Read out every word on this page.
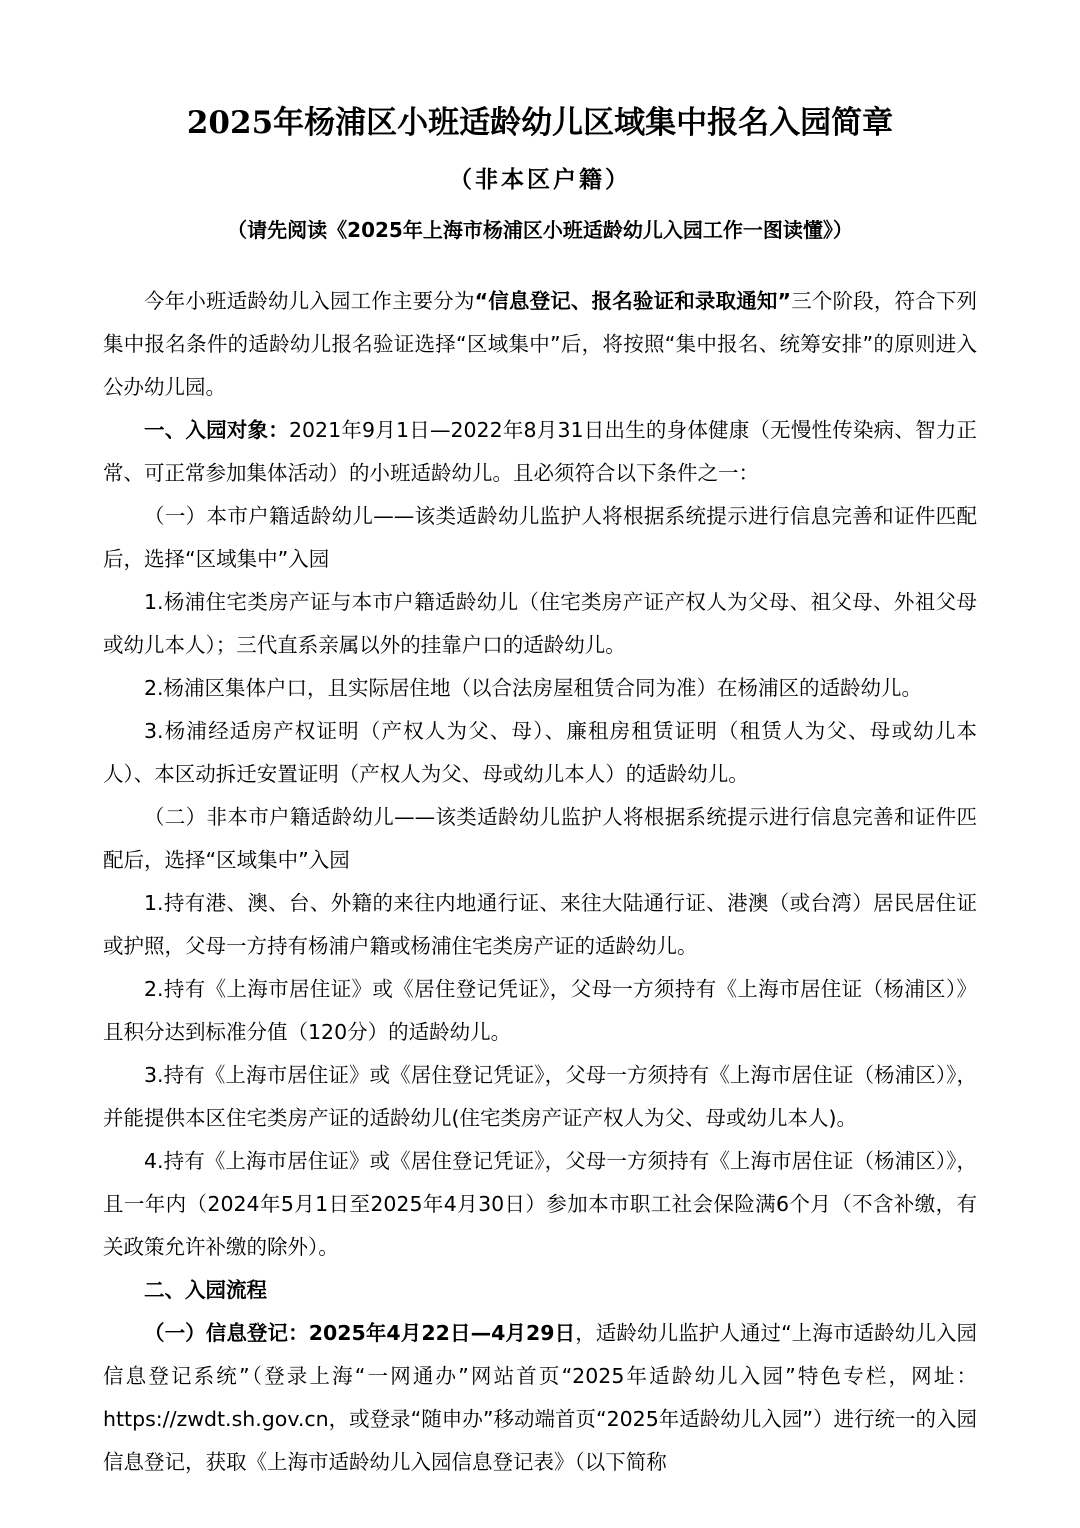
2025年杨浦区小班适龄幼儿区域集中报名入园简章
（非本区户籍）
（请先阅读《2025年上海市杨浦区小班适龄幼儿入园工作一图读懂》）

今年小班适龄幼儿入园工作主要分为“信息登记、报名验证和录取通知”三个阶段，符合下列集中报名条件的适龄幼儿报名验证选择“区域集中”后，将按照“集中报名、统筹安排”的原则进入公办幼儿园。

一、入园对象：2021年9月1日—2022年8月31日出生的身体健康（无慢性传染病、智力正常、可正常参加集体活动）的小班适龄幼儿。且必须符合以下条件之一：

（一）本市户籍适龄幼儿——该类适龄幼儿监护人将根据系统提示进行信息完善和证件匹配后，选择“区域集中”入园

1.杨浦住宅类房产证与本市户籍适龄幼儿（住宅类房产证产权人为父母、祖父母、外祖父母或幼儿本人）；三代直系亲属以外的挂靠户口的适龄幼儿。

2.杨浦区集体户口，且实际居住地（以合法房屋租赁合同为准）在杨浦区的适龄幼儿。

3.杨浦经适房产权证明（产权人为父、母）、廉租房租赁证明（租赁人为父、母或幼儿本人）、本区动拆迁安置证明（产权人为父、母或幼儿本人）的适龄幼儿。

（二）非本市户籍适龄幼儿——该类适龄幼儿监护人将根据系统提示进行信息完善和证件匹配后，选择“区域集中”入园

1.持有港、澳、台、外籍的来往内地通行证、来往大陆通行证、港澳（或台湾）居民居住证或护照，父母一方持有杨浦户籍或杨浦住宅类房产证的适龄幼儿。

2.持有《上海市居住证》或《居住登记凭证》，父母一方须持有《上海市居住证（杨浦区）》且积分达到标准分值（120分）的适龄幼儿。

3.持有《上海市居住证》或《居住登记凭证》，父母一方须持有《上海市居住证（杨浦区）》，并能提供本区住宅类房产证的适龄幼儿(住宅类房产证产权人为父、母或幼儿本人)。

4.持有《上海市居住证》或《居住登记凭证》，父母一方须持有《上海市居住证（杨浦区）》，且一年内（2024年5月1日至2025年4月30日）参加本市职工社会保险满6个月（不含补缴，有关政策允许补缴的除外）。

二、入园流程

（一）信息登记：2025年4月22日—4月29日，适龄幼儿监护人通过“上海市适龄幼儿入园信息登记系统”（登录上海“一网通办”网站首页“2025年适龄幼儿入园”特色专栏，网址：https://zwdt.sh.gov.cn，或登录“随申办”移动端首页“2025年适龄幼儿入园”）进行统一的入园信息登记，获取《上海市适龄幼儿入园信息登记表》（以下简称
